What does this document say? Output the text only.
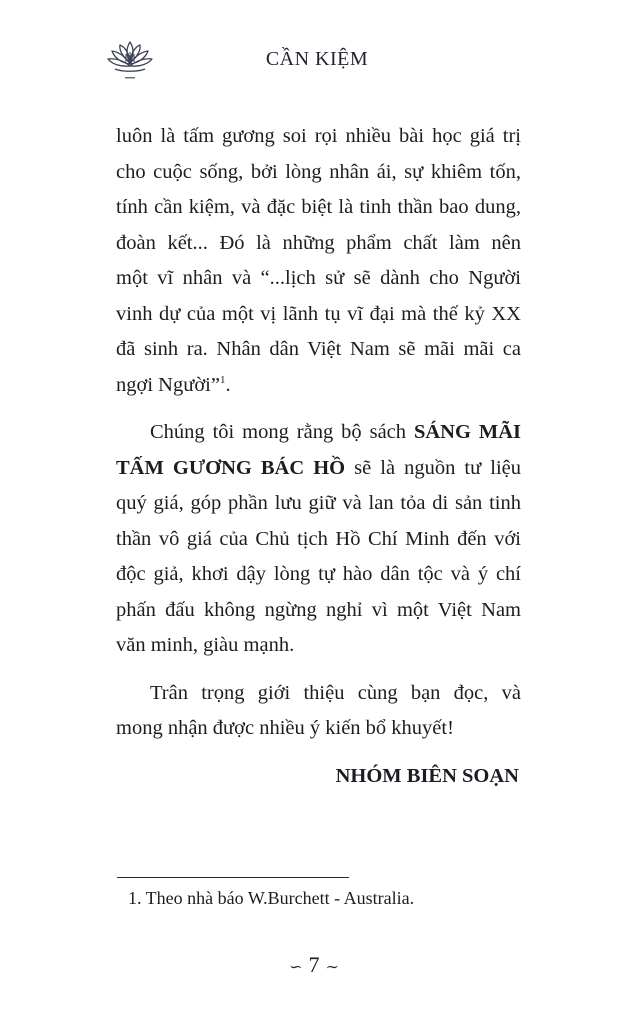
CẦN KIỆM
luôn là tấm gương soi rọi nhiều bài học giá trị
cho cuộc sống, bởi lòng nhân ái, sự khiêm tốn,
tính cần kiệm, và đặc biệt là tinh thần bao dung,
đoàn kết... Đó là những phẩm chất làm nên
một vĩ nhân và “...lịch sử sẽ dành cho Người
vinh dự của một vị lãnh tụ vĩ đại mà thế kỷ XX
đã sinh ra. Nhân dân Việt Nam sẽ mãi mãi ca
ngợi Người”$^1$.
Chúng tôi mong rằng bộ sách SÁNG MÃI
TẤM GƯƠNG BÁC HỒ sẽ là nguồn tư liệu
quý giá, góp phần lưu giữ và lan tỏa di sản tinh
thần vô giá của Chủ tịch Hồ Chí Minh đến với
độc giả, khơi dậy lòng tự hào dân tộc và ý chí
phấn đấu không ngừng nghỉ vì một Việt Nam
văn minh, giàu mạnh.
Trân trọng giới thiệu cùng bạn đọc, và
mong nhận được nhiều ý kiến bổ khuyết!
NHÓM BIÊN SOẠN
1. Theo nhà báo W.Burchett - Australia.
∽ 7 ∼
